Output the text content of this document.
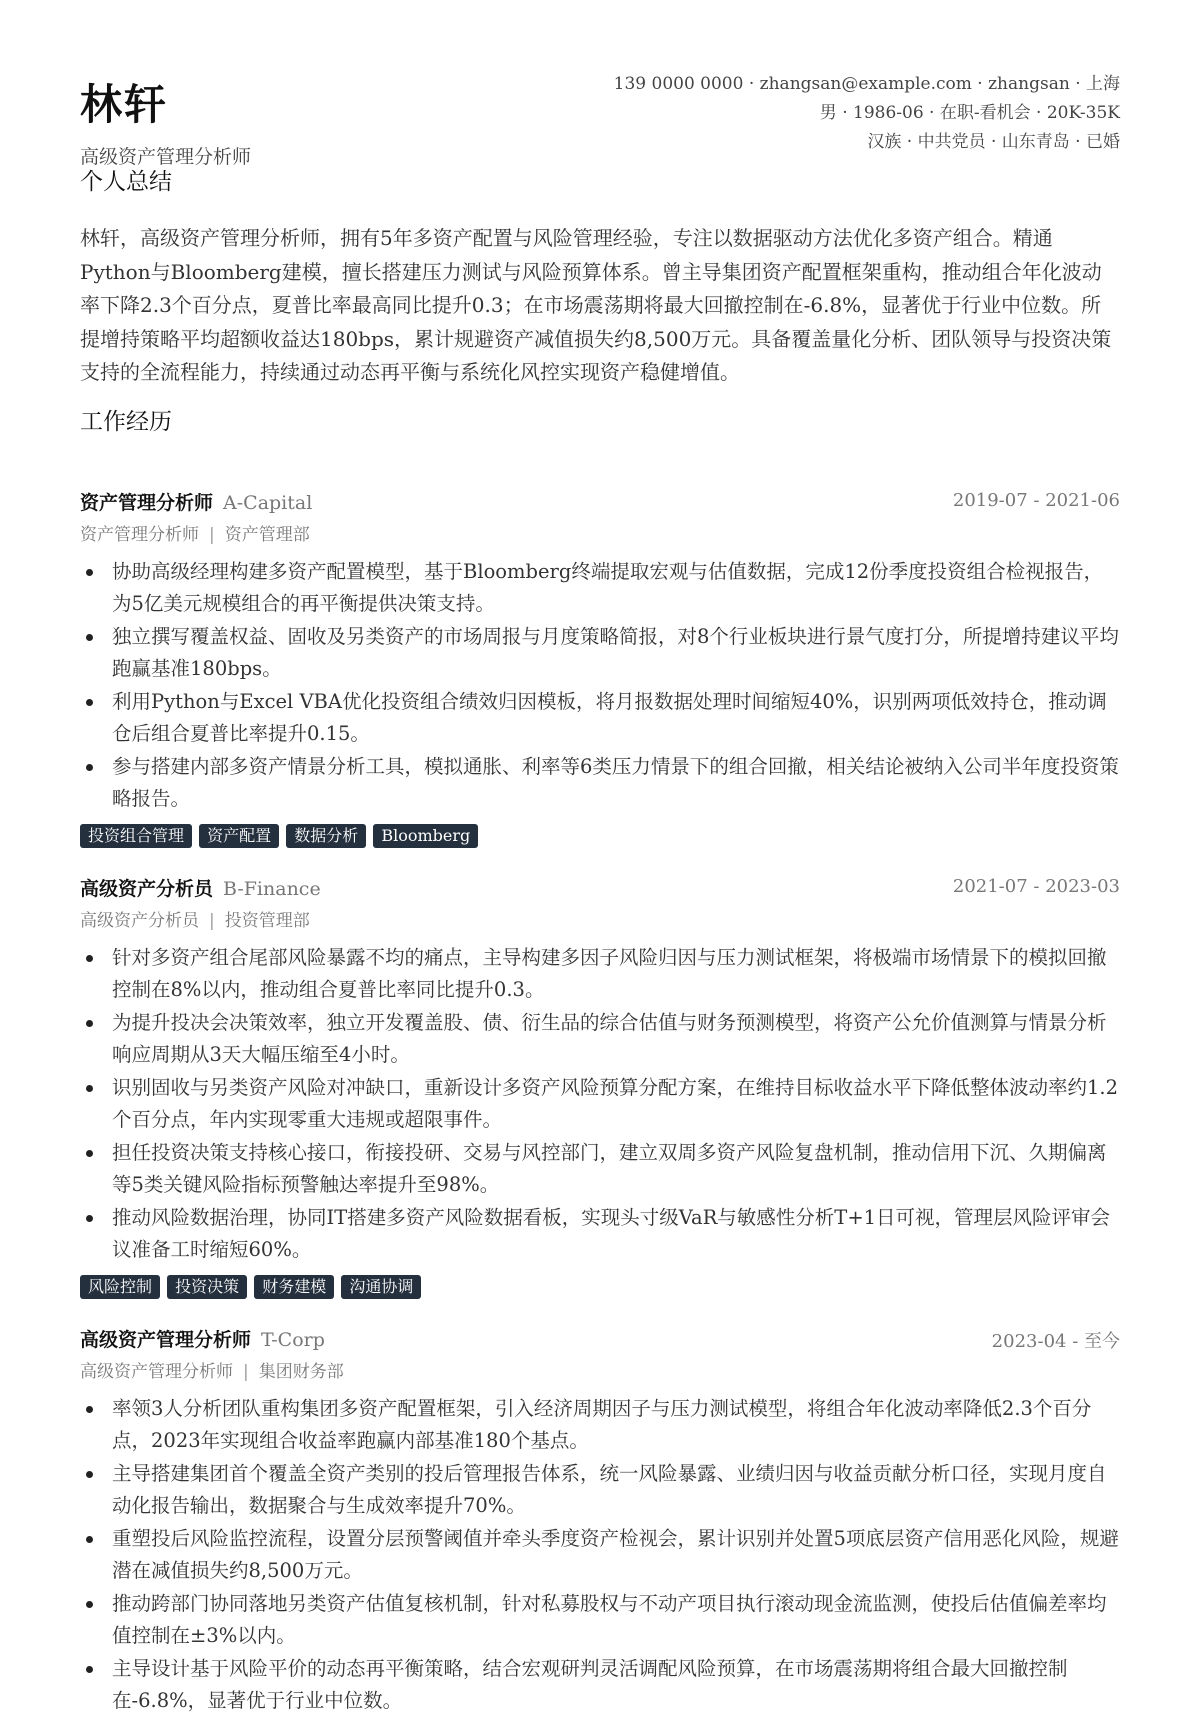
林轩
高级资产管理分析师
139 0000 0000 · zhangsan@example.com · zhangsan · 上海
男 · 1986-06 · 在职-看机会 · 20K-35K
汉族 · 中共党员 · 山东青岛 · 已婚
个人总结
林轩，高级资产管理分析师，拥有5年多资产配置与风险管理经验，专注以数据驱动方法优化多资产组合。精通Python与Bloomberg建模，擅长搭建压力测试与风险预算体系。曾主导集团资产配置框架重构，推动组合年化波动率下降2.3个百分点，夏普比率最高同比提升0.3；在市场震荡期将最大回撤控制在-6.8%，显著优于行业中位数。所提增持策略平均超额收益达180bps，累计规避资产减值损失约8,500万元。具备覆盖量化分析、团队领导与投资决策支持的全流程能力，持续通过动态再平衡与系统化风控实现资产稳健增值。
工作经历
资产管理分析师 A-Capital	2019-07 - 2021-06
资产管理分析师 | 资产管理部
协助高级经理构建多资产配置模型，基于Bloomberg终端提取宏观与估值数据，完成12份季度投资组合检视报告，为5亿美元规模组合的再平衡提供决策支持。
独立撰写覆盖权益、固收及另类资产的市场周报与月度策略简报，对8个行业板块进行景气度打分，所提增持建议平均跑赢基准180bps。
利用Python与Excel VBA优化投资组合绩效归因模板，将月报数据处理时间缩短40%，识别两项低效持仓，推动调仓后组合夏普比率提升0.15。
参与搭建内部多资产情景分析工具，模拟通胀、利率等6类压力情景下的组合回撤，相关结论被纳入公司半年度投资策略报告。
投资组合管理 资产配置 数据分析 Bloomberg
高级资产分析员 B-Finance	2021-07 - 2023-03
高级资产分析员 | 投资管理部
针对多资产组合尾部风险暴露不均的痛点，主导构建多因子风险归因与压力测试框架，将极端市场情景下的模拟回撤控制在8%以内，推动组合夏普比率同比提升0.3。
为提升投决会决策效率，独立开发覆盖股、债、衍生品的综合估值与财务预测模型，将资产公允价值测算与情景分析响应周期从3天大幅压缩至4小时。
识别固收与另类资产风险对冲缺口，重新设计多资产风险预算分配方案，在维持目标收益水平下降低整体波动率约1.2个百分点，年内实现零重大违规或超限事件。
担任投资决策支持核心接口，衔接投研、交易与风控部门，建立双周多资产风险复盘机制，推动信用下沉、久期偏离等5类关键风险指标预警触达率提升至98%。
推动风险数据治理，协同IT搭建多资产风险数据看板，实现头寸级VaR与敏感性分析T+1日可视，管理层风险评审会议准备工时缩短60%。
风险控制 投资决策 财务建模 沟通协调
高级资产管理分析师 T-Corp	2023-04 - 至今
高级资产管理分析师 | 集团财务部
率领3人分析团队重构集团多资产配置框架，引入经济周期因子与压力测试模型，将组合年化波动率降低2.3个百分点，2023年实现组合收益率跑赢内部基准180个基点。
主导搭建集团首个覆盖全资产类别的投后管理报告体系，统一风险暴露、业绩归因与收益贡献分析口径，实现月度自动化报告输出，数据聚合与生成效率提升70%。
重塑投后风险监控流程，设置分层预警阈值并牵头季度资产检视会，累计识别并处置5项底层资产信用恶化风险，规避潜在减值损失约8,500万元。
推动跨部门协同落地另类资产估值复核机制，针对私募股权与不动产项目执行滚动现金流监测，使投后估值偏差率均值控制在±3%以内。
主导设计基于风险平价的动态再平衡策略，结合宏观研判灵活调配风险预算，在市场震荡期将组合最大回撤控制在-6.8%，显著优于行业中位数。
